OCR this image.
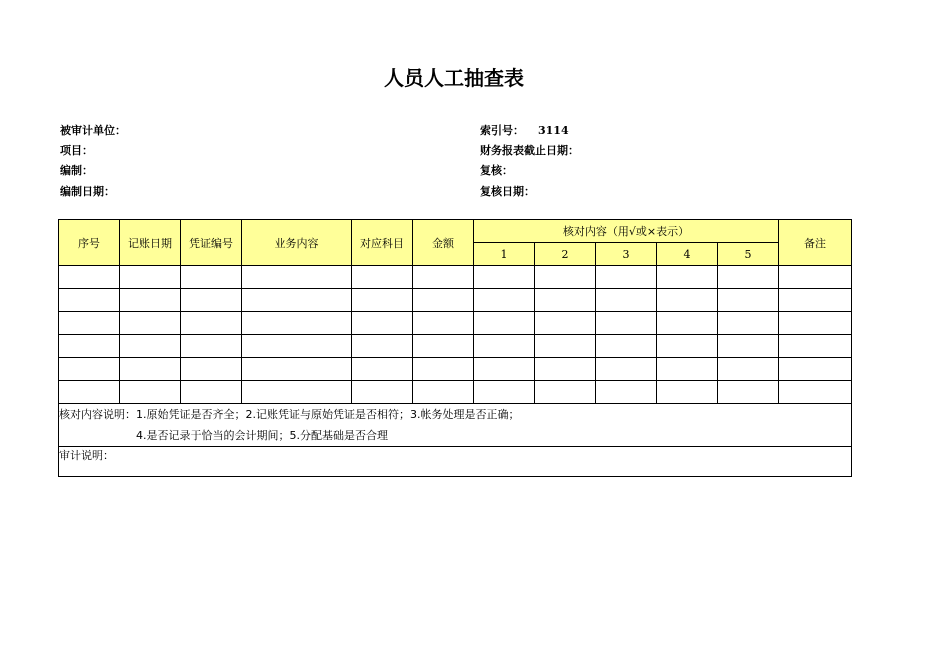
人员人工抽查表
被审计单位：
项目：
编制：
编制日期：
索引号： 3114
财务报表截止日期：
复核：
复核日期：
序号	记账日期	凭证编号	业务内容	对应科目	金额	核对内容（用√或×表示）					备注
						1	2	3	4	5	

核对内容说明：1.原始凭证是否齐全；2.记账凭证与原始凭证是否相符；3.帐务处理是否正确；
4.是否记录于恰当的会计期间；5.分配基础是否合理											

审计说明：											
